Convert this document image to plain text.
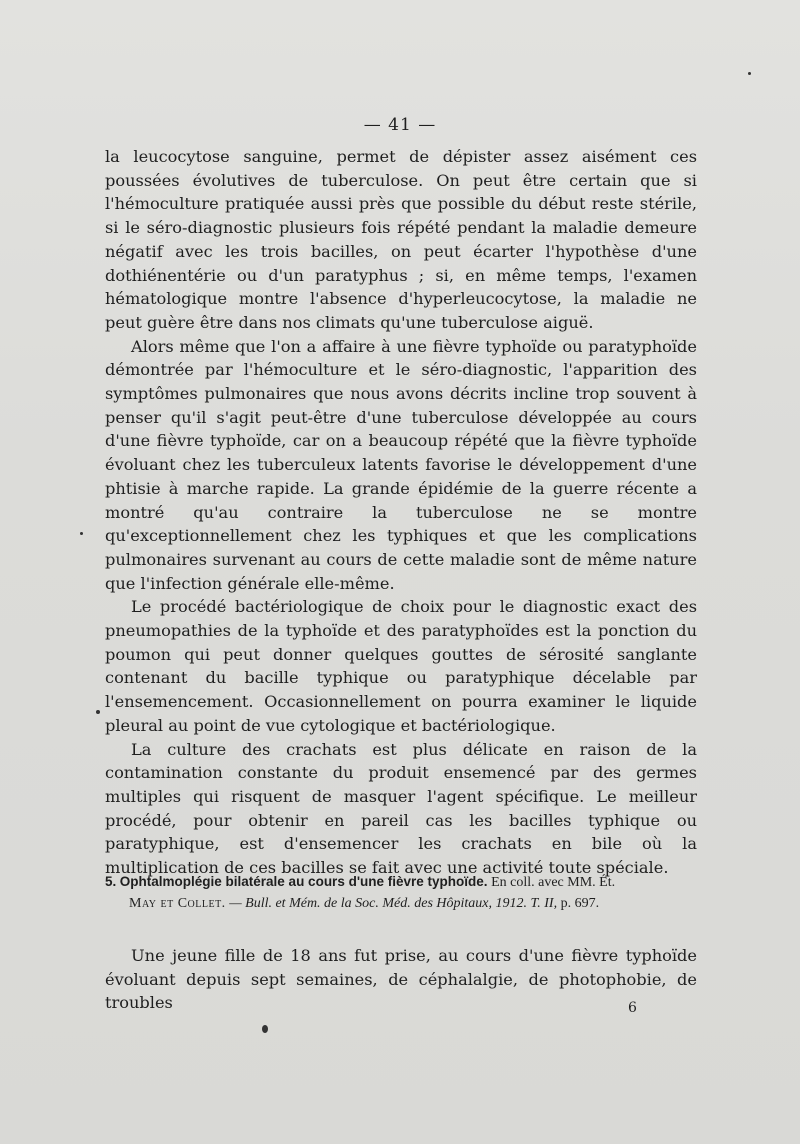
— 41 —

la leucocytose sanguine, permet de dépister assez aisément ces poussées évolutives de tuberculose. On peut être certain que si l'hémoculture pratiquée aussi près que possible du début reste stérile, si le séro-diagnostic plusieurs fois répété pendant la maladie demeure négatif avec les trois bacilles, on peut écarter l'hypothèse d'une dothiénentérie ou d'un paratyphus ; si, en même temps, l'examen hématologique montre l'absence d'hyperleucocytose, la maladie ne peut guère être dans nos climats qu'une tuberculose aiguë.

Alors même que l'on a affaire à une fièvre typhoïde ou paratyphoïde démontrée par l'hémoculture et le séro-diagnostic, l'apparition des symptômes pulmonaires que nous avons décrits incline trop souvent à penser qu'il s'agit peut-être d'une tuberculose développée au cours d'une fièvre typhoïde, car on a beaucoup répété que la fièvre typhoïde évoluant chez les tuberculeux latents favorise le développement d'une phtisie à marche rapide. La grande épidémie de la guerre récente a montré qu'au contraire la tuberculose ne se montre qu'exceptionnellement chez les typhiques et que les complications pulmonaires survenant au cours de cette maladie sont de même nature que l'infection générale elle-même.

Le procédé bactériologique de choix pour le diagnostic exact des pneumopathies de la typhoïde et des paratyphoïdes est la ponction du poumon qui peut donner quelques gouttes de sérosité sanglante contenant du bacille typhique ou paratyphique décelable par l'ensemencement. Occasionnellement on pourra examiner le liquide pleural au point de vue cytologique et bactériologique.

La culture des crachats est plus délicate en raison de la contamination constante du produit ensemencé par des germes multiples qui risquent de masquer l'agent spécifique. Le meilleur procédé, pour obtenir en pareil cas les bacilles typhique ou paratyphique, est d'ensemencer les crachats en bile où la multiplication de ces bacilles se fait avec une activité toute spéciale.

5. Ophtalmoplégie bilatérale au cours d'une fièvre typhoïde. En coll. avec MM. Ét.
May et Collet. — Bull. et Mém. de la Soc. Méd. des Hôpitaux, 1912. T. II, p. 697.

Une jeune fille de 18 ans fut prise, au cours d'une fièvre typhoïde évoluant depuis sept semaines, de céphalalgie, de photophobie, de troubles	6
